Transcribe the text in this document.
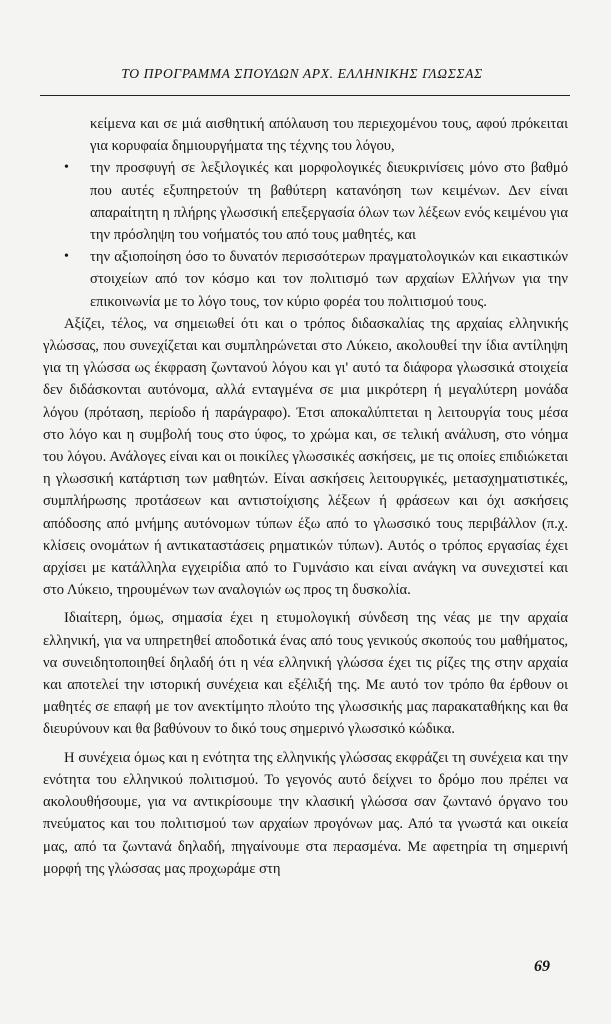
ΤΟ ΠΡΟΓΡΑΜΜΑ ΣΠΟΥΔΩΝ ΑΡΧ. ΕΛΛΗΝΙΚΗΣ ΓΛΩΣΣΑΣ

κείμενα και σε μιά αισθητική απόλαυση του περιεχομένου τους, αφού πρόκειται για κορυφαία δημιουργήματα της τέχνης του λόγου,

• την προσφυγή σε λεξιλογικές και μορφολογικές διευκρινίσεις μόνο στο βαθμό που αυτές εξυπηρετούν τη βαθύτερη κατανόηση των κειμένων. Δεν είναι απαραίτητη η πλήρης γλωσσική επεξεργασία όλων των λέξεων ενός κειμένου για την πρόσληψη του νοήματός του από τους μαθητές, και
• την αξιοποίηση όσο το δυνατόν περισσότερων πραγματολογικών και εικαστικών στοιχείων από τον κόσμο και τον πολιτισμό των αρχαίων Ελλήνων για την επικοινωνία με το λόγο τους, τον κύριο φορέα του πολιτισμού τους.

Αξίζει, τέλος, να σημειωθεί ότι και ο τρόπος διδασκαλίας της αρχαίας ελληνικής γλώσσας, που συνεχίζεται και συμπληρώνεται στο Λύκειο, ακολουθεί την ίδια αντίληψη για τη γλώσσα ως έκφραση ζωντανού λόγου και γι' αυτό τα διάφορα γλωσσικά στοιχεία δεν διδάσκονται αυτόνομα, αλλά ενταγμένα σε μια μικρότερη ή μεγαλύτερη μονάδα λόγου (πρόταση, περίοδο ή παράγραφο). Έτσι αποκαλύπτεται η λειτουργία τους μέσα στο λόγο και η συμβολή τους στο ύφος, το χρώμα και, σε τελική ανάλυση, στο νόημα του λόγου. Ανάλογες είναι και οι ποικίλες γλωσσικές ασκήσεις, με τις οποίες επιδιώκεται η γλωσσική κατάρτιση των μαθητών. Είναι ασκήσεις λειτουργικές, μετασχηματιστικές, συμπλήρωσης προτάσεων και αντιστοίχισης λέξεων ή φράσεων και όχι ασκήσεις απόδοσης από μνήμης αυτόνομων τύπων έξω από το γλωσσικό τους περιβάλλον (π.χ. κλίσεις ονομάτων ή αντικαταστάσεις ρηματικών τύπων). Αυτός ο τρόπος εργασίας έχει αρχίσει με κατάλληλα εγχειρίδια από το Γυμνάσιο και είναι ανάγκη να συνεχιστεί και στο Λύκειο, τηρουμένων των αναλογιών ως προς τη δυσκολία.

Ιδιαίτερη, όμως, σημασία έχει η ετυμολογική σύνδεση της νέας με την αρχαία ελληνική, για να υπηρετηθεί αποδοτικά ένας από τους γενικούς σκοπούς του μαθήματος, να συνειδητοποιηθεί δηλαδή ότι η νέα ελληνική γλώσσα έχει τις ρίζες της στην αρχαία και αποτελεί την ιστορική συνέχεια και εξέλιξή της. Με αυτό τον τρόπο θα έρθουν οι μαθητές σε επαφή με τον ανεκτίμητο πλούτο της γλωσσικής μας παρακαταθήκης και θα διευρύνουν και θα βαθύνουν το δικό τους σημερινό γλωσσικό κώδικα.

Η συνέχεια όμως και η ενότητα της ελληνικής γλώσσας εκφράζει τη συνέχεια και την ενότητα του ελληνικού πολιτισμού. Το γεγονός αυτό δείχνει το δρόμο που πρέπει να ακολουθήσουμε, για να αντικρίσουμε την κλασική γλώσσα σαν ζωντανό όργανο του πνεύματος και του πολιτισμού των αρχαίων προγόνων μας. Από τα γνωστά και οικεία μας, από τα ζωντανά δηλαδή, πηγαίνουμε στα περασμένα. Με αφετηρία τη σημερινή μορφή της γλώσσας μας προχωράμε στη

69
